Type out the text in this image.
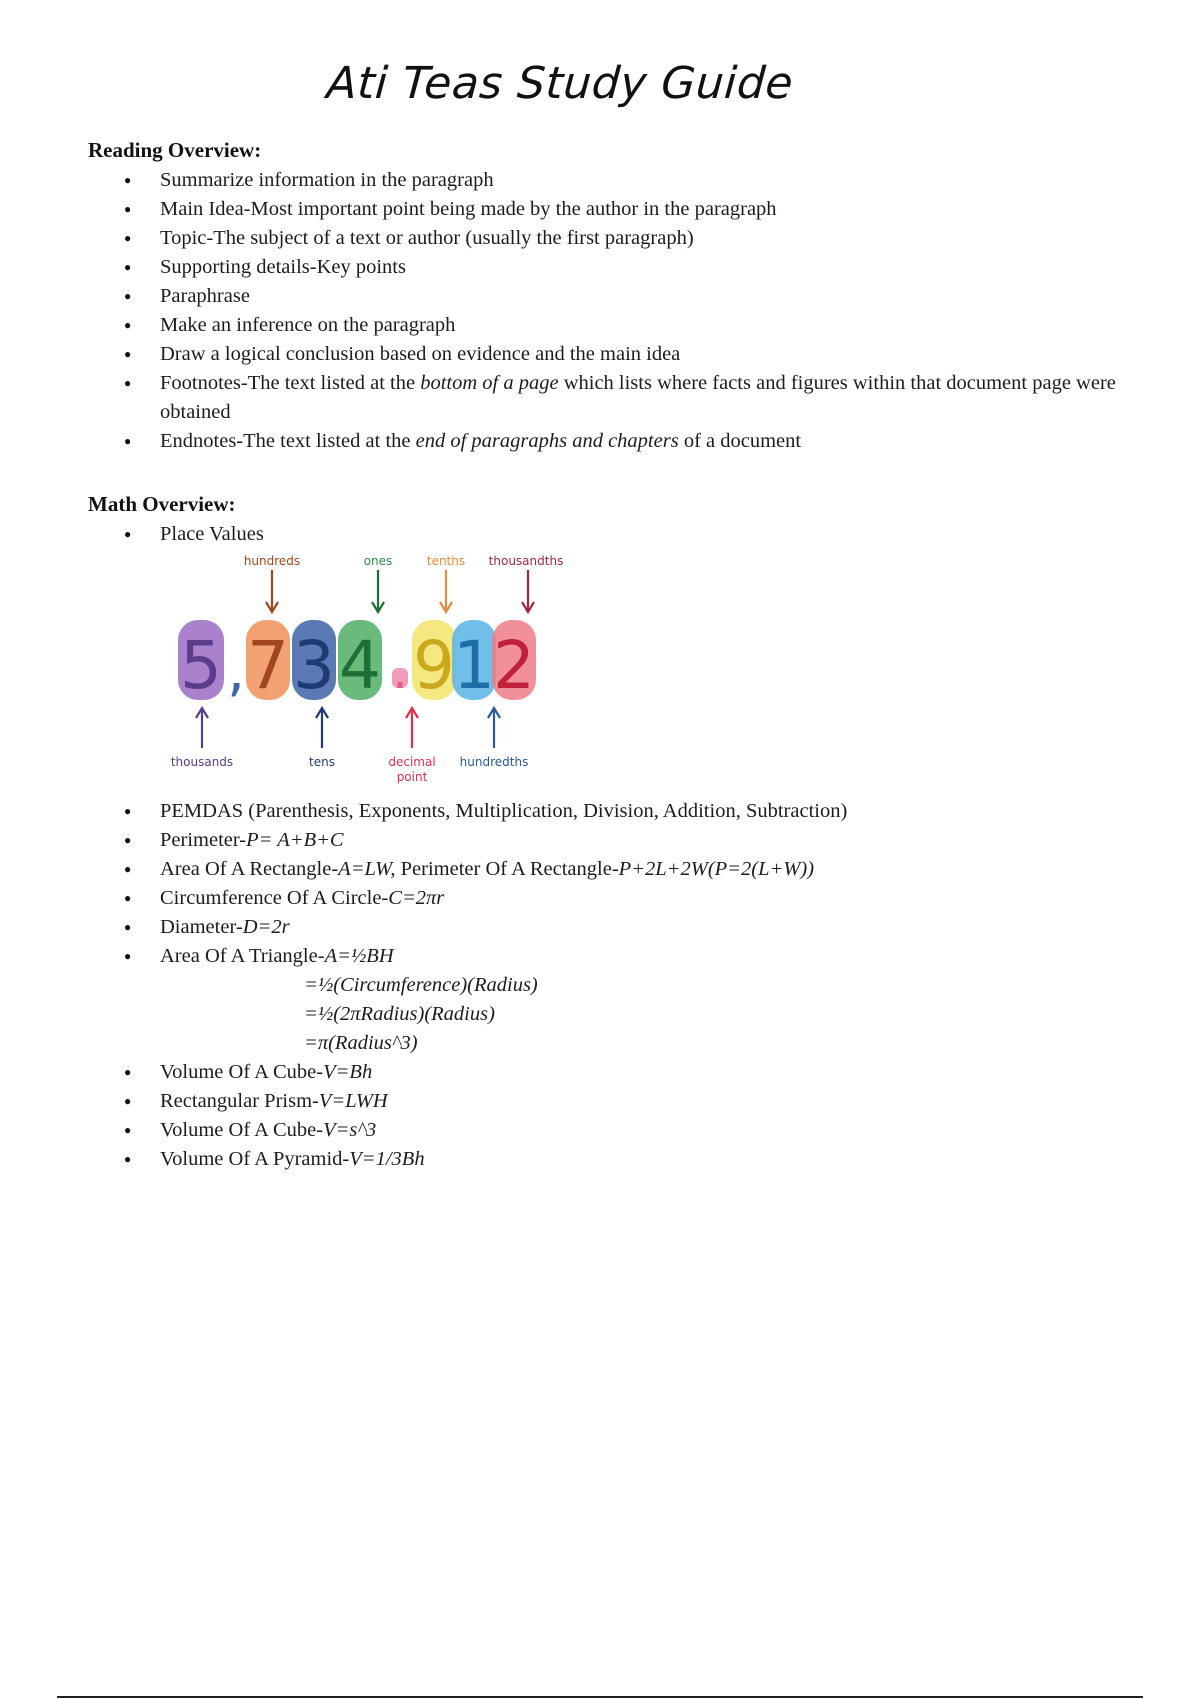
Ati Teas Study Guide
Reading Overview:
● Summarize information in the paragraph
● Main Idea-Most important point being made by the author in the paragraph
● Topic-The subject of a text or author (usually the first paragraph)
● Supporting details-Key points
● Paraphrase
● Make an inference on the paragraph
● Draw a logical conclusion based on evidence and the main idea
● Footnotes-The text listed at the bottom of a page which lists where facts and figures within that document page were obtained
● Endnotes-The text listed at the end of paragraphs and chapters of a document
Math Overview:
● Place Values
5 , 7 3 4 . 9
1
2
hundreds	ones	tenths thousandths
thousands	tens	decimal
point
hundredths
● PEMDAS (Parenthesis, Exponents, Multiplication, Division, Addition, Subtraction)
● Perimeter-P= A+B+C
● Area Of A Rectangle-A=LW, Perimeter Of A Rectangle-P+2L+2W(P=2(L+W))
● Circumference Of A Circle-C=2πr
● Diameter-D=2r
● Area Of A Triangle-A=½BH
=½(Circumference)(Radius)
=½(2πRadius)(Radius)
=π(Radius^3)
● Volume Of A Cube-V=Bh
● Rectangular Prism-V=LWH
● Volume Of A Cube-V=s^3
● Volume Of A Pyramid-V=1/3Bh
